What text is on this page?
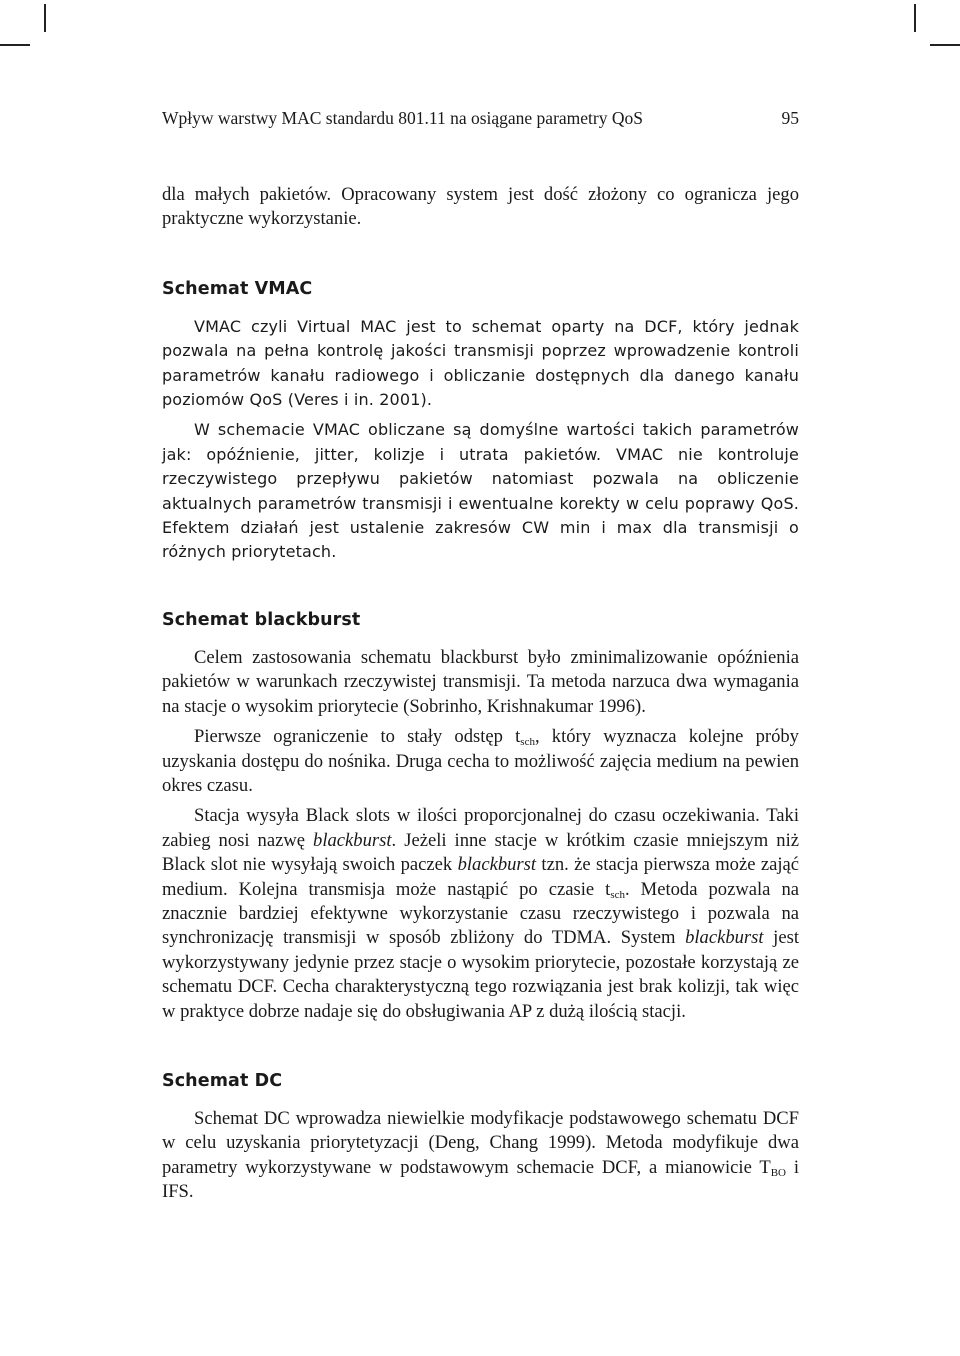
Wpływ warstwy MAC standardu 801.11 na osiągane parametry QoS	95

dla małych pakietów. Opracowany system jest dość złożony co ogranicza jego praktyczne wykorzystanie.

Schemat VMAC

VMAC czyli Virtual MAC jest to schemat oparty na DCF, który jednak pozwala na pełna kontrolę jakości transmisji poprzez wprowadzenie kontroli parametrów kanału radiowego i obliczanie dostępnych dla danego kanału poziomów QoS (Veres i in. 2001).

W schemacie VMAC obliczane są domyślne wartości takich parametrów jak: opóźnienie, jitter, kolizje i utrata pakietów. VMAC nie kontroluje rzeczywistego przepływu pakietów natomiast pozwala na obliczenie aktualnych parametrów transmisji i ewentualne korekty w celu poprawy QoS. Efektem działań jest ustalenie zakresów CW min i max dla transmisji o różnych priorytetach.

Schemat blackburst

Celem zastosowania schematu blackburst było zminimalizowanie opóźnienia pakietów w warunkach rzeczywistej transmisji. Ta metoda narzuca dwa wymagania na stacje o wysokim priorytecie (Sobrinho, Krishnakumar 1996).

Pierwsze ograniczenie to stały odstęp $t_{sch}$, który wyznacza kolejne próby uzyskania dostępu do nośnika. Druga cecha to możliwość zajęcia medium na pewien okres czasu.

Stacja wysyła Black slots w ilości proporcjonalnej do czasu oczekiwania. Taki zabieg nosi nazwę blackburst. Jeżeli inne stacje w krótkim czasie mniejszym niż Black slot nie wysyłają swoich paczek blackburst tzn. że stacja pierwsza może zająć medium. Kolejna transmisja może nastąpić po czasie $t_{sch}$. Metoda pozwala na znacznie bardziej efektywne wykorzystanie czasu rzeczywistego i pozwala na synchronizację transmisji w sposób zbliżony do TDMA. System blackburst jest wykorzystywany jedynie przez stacje o wysokim priorytecie, pozostałe korzystają ze schematu DCF. Cecha charakterystyczną tego rozwiązania jest brak kolizji, tak więc w praktyce dobrze nadaje się do obsługiwania AP z dużą ilością stacji.

Schemat DC

Schemat DC wprowadza niewielkie modyfikacje podstawowego schematu DCF w celu uzyskania priorytetyzacji (Deng, Chang 1999). Metoda modyfikuje dwa parametry wykorzystywane w podstawowym schemacie DCF, a mianowicie $T_{BO}$ i IFS.
